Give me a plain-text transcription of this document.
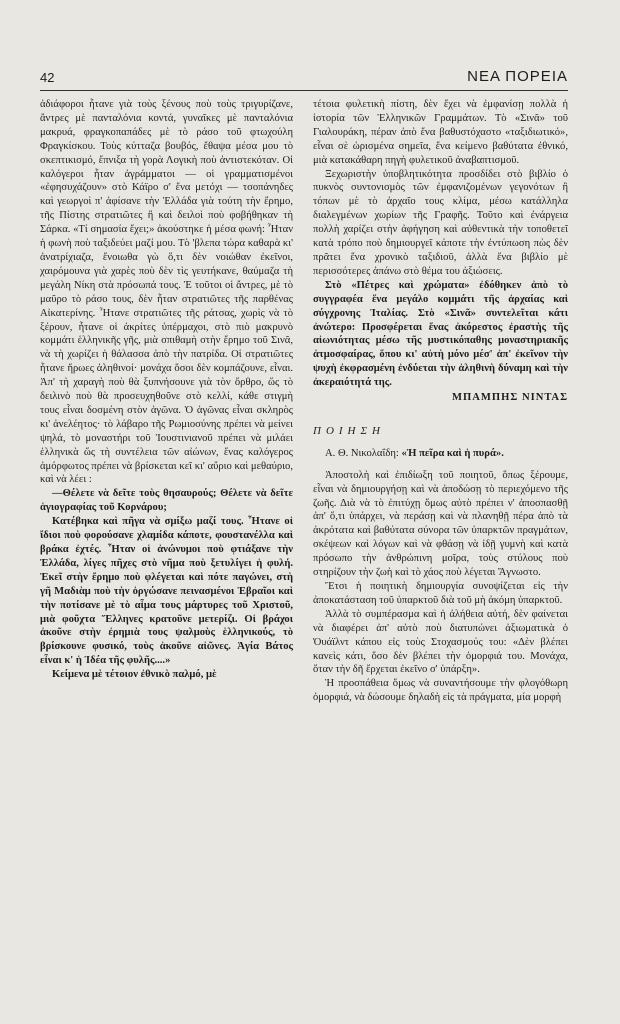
42	ΝΕΑ ΠΟΡΕΙΑ

ἀδιάφοροι ἦτανε γιὰ τοὺς ξένους ποὺ τοὺς τριγυρίζανε, ἄντρες μὲ πανταλόνια κοντά, γυναῖκες μὲ πανταλόνια μακρυά, φραγκοπαπάδες μὲ τὸ ράσο τοῦ φτωχούλη Φραγκίσκου. Τοὺς κύτταζα βουβός, ἔθαψα μέσα μου τὸ σκεπτικισμό, ἔπνιξα τὴ γορὰ Λογικὴ ποὺ ἀντιστεκόταν. Οἱ καλόγεροι ἦταν ἀγράμματοι — οἱ γραμματισμένοι «ἐφησυχάζουν» στὸ Κάϊρο σ' ἕνα μετόχι — τσοπάνηδες καὶ γεωργοὶ π' ἀφίσανε τὴν Ἑλλάδα γιὰ τούτη τὴν ἔρημο, τῆς Πίστης στρατιῶτες ἢ καὶ δειλοὶ ποὺ φοβήθηκαν τὴ Σάρκα. «Τί σημασία ἔχει;» ἀκούστηκε ἡ μέσα φωνή: Ἦταν ἡ φωνὴ ποὺ ταξιδεύει μαζί μου. Τὸ 'βλεπα τώρα καθαρὰ κι' ἀνατρίχιαζα, ἔνοιωθα γὼ ὅ,τι δὲν νοιώθαν ἐκεῖνοι, χαιρόμουνα γιὰ χαρὲς ποὺ δὲν τὶς γευτήκανε, θαύμαζα τὴ μεγάλη Νίκη στὰ πρόσωπά τους. Ἐ τοῦτοι οἱ ἄντρες, μὲ τὸ μαῦρο τὸ ράσο τους, δὲν ἦταν στρατιῶτες τῆς παρθένας Αἰκατερίνης. Ἦτανε στρατιῶτες τῆς ράτσας, χωρὶς νὰ τὸ ξέρουν, ἦτανε οἱ ἀκρίτες ὑπέρμαχοι, στὸ πιὸ μακρυνὸ κομμάτι ἑλληνικῆς γῆς, μιὰ σπιθαμὴ στὴν ἔρημο τοῦ Σινᾶ, νὰ τὴ χωρίζει ἡ θάλασσα ἀπὸ τὴν πατρίδα. Οἱ στρατιῶτες ἦτανε ἥρωες ἀληθινοί· μονάχα ὅσοι δὲν κομπάζουνε, εἶναι. Ἀπ' τὴ χαραγὴ ποὺ θὰ ξυπνήσουνε γιὰ τὸν ὄρθρο, ὥς τὸ δειλινὸ ποὺ θὰ προσευχηθοῦνε στὸ κελλί, κάθε στιγμὴ τους εἶναι δοσμένη στὸν ἀγῶνα. Ὁ ἀγῶνας εἶναι σκληρὸς κι' ἀνελέητος· τὸ λάβαρο τῆς Ρωμιοσύνης πρέπει νὰ μείνει ψηλά, τὸ μοναστήρι τοῦ Ἰουστινιανοῦ πρέπει νὰ μιλάει ἑλληνικὰ ὥς τὴ συντέλεια τῶν αἰώνων, ἕνας καλόγερος ἀμόρφωτος πρέπει νὰ βρίσκεται κεῖ κι' αὔριο καὶ μεθαύριο, καὶ νὰ λέει :

—Θέλετε νὰ δεῖτε τοὺς θησαυρούς; Θέλετε νὰ δεῖτε ἁγιογραφίας τοῦ Κορνάρου;

Κατέβηκα καὶ πῆγα νὰ σμίξω μαζί τους. Ἦτανε οἱ ἴδιοι ποὺ φορούσανε χλαμίδα κάποτε, φουστανέλλα καὶ βράκα ἐχτές. Ἦταν οἱ ἀνώνυμοι ποὺ φτιάξανε τὴν Ἑλλάδα, λίγες πῆχες στὸ νῆμα ποὺ ξετυλίγει ἡ φυλή. Ἐκεῖ στὴν ἔρημο ποὺ φλέγεται καὶ πότε παγώνει, στὴ γῆ Μαδιὰμ ποὺ τὴν ὀργώσανε πεινασμένοι Ἑβραῖοι καὶ τὴν ποτίσανε μὲ τὸ αἷμα τους μάρτυρες τοῦ Χριστοῦ, μιὰ φοῦχτα Ἕλληνες κρατοῦνε μετερίζι. Οἱ βράχοι ἀκοῦνε στὴν ἐρημιὰ τους ψαλμοὺς ἑλληνικούς, τὸ βρίσκουνε φυσικό, τοὺς ἀκοῦνε αἰῶνες. Ἁγία Βάτος εἶναι κ' ἡ Ἰδέα τῆς φυλῆς....»

Κείμενα μὲ τέτοιον ἐθνικὸ παλμό, μὲ

τέτοια φυλετικὴ πίστη, δὲν ἔχει νὰ ἐμφανίσῃ πολλὰ ἡ ἱστορία τῶν Ἑλληνικῶν Γραμμάτων. Τὸ «Σινᾶ» τοῦ Γιαλουράκη, πέραν ἀπὸ ἕνα βαθυστόχαστο «ταξιδιωτικό», εἶναι σὲ ὡρισμένα σημεῖα, ἕνα κείμενο βαθύτατα ἐθνικό, μιὰ κατακάθαρη πηγὴ φυλετικοῦ ἀναβαπτισμοῦ.

Ξεχωριστὴν ὑποβλητικότητα προσδίδει στὸ βιβλίο ὁ πυκνὸς συντονισμὸς τῶν ἐμφανιζομένων γεγονότων ἢ τόπων μὲ τὸ ἀρχαῖο τους κλίμα, μέσω κατάλληλα διαλεγμένων χωρίων τῆς Γραφῆς. Τοῦτο καὶ ἐνάργεια πολλὴ χαρίζει στὴν ἀφήγηση καὶ αὐθεντικὰ τὴν τοποθετεῖ κατὰ τρόπο ποὺ δημιουργεῖ κάποτε τὴν ἐντύπωση πὼς δὲν πρᾶτει ἕνα χρονικὸ ταξιδιοῦ, ἀλλὰ ἕνα βιβλίο μὲ περισσότερες ἀπάνω στὸ θέμα του ἀξιώσεις.

Στὸ «Πέτρες καὶ χρώματα» ἐδόθηκεν ἀπὸ τὸ συγγραφέα ἕνα μεγάλο κομμάτι τῆς ἀρχαίας καὶ σύγχρονης Ἰταλίας. Στὸ «Σινᾶ» συντελεῖται κάτι ἀνώτερο: Προσφέρεται ἕνας ἀκόρεστος ἐραστὴς τῆς αἰωνιότητας μέσω τῆς μυστικόπαθης μοναστηριακῆς ἀτμοσφαίρας, ὅπου κι' αὐτὴ μόνο μέσ' ἀπ' ἐκεῖνον τὴν ψυχὴ ἐκφρασμένη ἐνδύεται τὴν ἀληθινὴ δύναμη καὶ τὴν ἀκεραιότητά της.

ΜΠΑΜΠΗΣ ΝΙΝΤΑΣ

ΠΟΙΗΣΗ

Α. Θ. Νικολαΐδη: «Ἡ πεῖρα καὶ ἡ πυρά».

Ἀποστολὴ καὶ ἐπιδίωξη τοῦ ποιητοῦ, ὅπως ξέρουμε, εἶναι νὰ δημιουργήσῃ καὶ νὰ ἀποδώσῃ τὸ περιεχόμενο τῆς ζωῆς. Διὰ νὰ τὸ ἐπιτύχῃ ὅμως αὐτὸ πρέπει ν' ἀποσπασθῇ ἀπ' ὅ,τι ὑπάρχει, νὰ περάσῃ καὶ νὰ πλανηθῇ πέρα ἀπὸ τὰ ἀκρότατα καὶ βαθύτατα σύνορα τῶν ὑπαρκτῶν πραγμάτων, σκέψεων καὶ λόγων καὶ νὰ φθάσῃ νὰ ἰδῇ γυμνὴ καὶ κατὰ πρόσωπο τὴν ἀνθρώπινη μοῖρα, τοὺς στύλους ποὺ στηρίζουν τὴν ζωὴ καὶ τὸ χάος ποὺ λέγεται Ἄγνωστο.

Ἔτσι ἡ ποιητικὴ δημιουργία συνοψίζεται εἰς τὴν ἀποκατάσταση τοῦ ὑπαρκτοῦ διὰ τοῦ μὴ ἀκόμη ὑπαρκτοῦ.

Ἀλλὰ τὸ συμπέρασμα καὶ ἡ ἀλήθεια αὐτή, δὲν φαίνεται νὰ διαφέρει ἀπ' αὐτὸ ποὺ διατυπώνει ἀξιωματικὰ ὁ Ὀυάϊλντ κάπου εἰς τοὺς Στοχασμούς του: «Δὲν βλέπει κανεὶς κάτι, ὅσο δὲν βλέπει τὴν ὀμορφιά του. Μονάχα, ὅταν τὴν δῆ ἔρχεται ἐκεῖνο σ' ὑπάρξη».

Ἡ προσπάθεια ὅμως νὰ συναντήσουμε τὴν φλογόθωρη ὀμορφιά, νὰ δώσουμε δηλαδὴ εἰς τὰ πράγματα, μία μορφὴ
